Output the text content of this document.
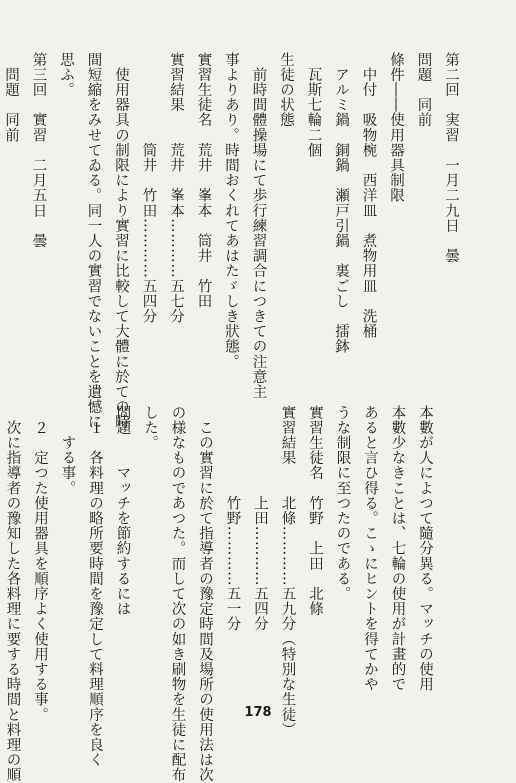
第二回　実習　一月二九日　曇
問題　同前
條件――使用器具制限
　中付　吸物椀　西洋皿　煮物用皿　洗桶
　アルミ鍋　銅鍋　瀬戸引鍋　裏ごし　擂鉢
　瓦斯七輪二個
生徒の状態
　前時間體操場にて歩行練習調合につきての注意主
事よりあり。時間おくれてあはたゞしき狀態。
實習生徒名　荒井　峯本　筒井　竹田
實習結果　　荒井　峯本…………五七分
　　　　　　筒井　竹田…………五四分
　使用器具の制限により實習に比較して大體に於ての時
間短縮をみせてゐる。同一人の實習でないことを遺憾に
思ふ。
第三回　實習　二月五日　曇
　問題　同前
本數が人によつて隨分異る。マッチの使用
本數少なきことは、七輪の使用が計畫的で
あると言ひ得る。こゝにヒントを得てかや
うな制限に至つたのである。
實習生徒名　竹野　上田　北條
實習結果　　北條…………五九分（特別な生徒）
　　　　　　上田…………五四分
　　　　　　竹野…………五一分
　この實習に於て指導者の豫定時間及場所の使用法は次
の様なものであつた。而して次の如き刷物を生徒に配布
した。
問題　　マッチを節約するには
　１　各料理の略所要時間を豫定して料理順序を良く
　　する事。
　２　定つた使用器具を順序よく使用する事。
　次に指導者の豫知した各料理に要する時間と料理の順	178
